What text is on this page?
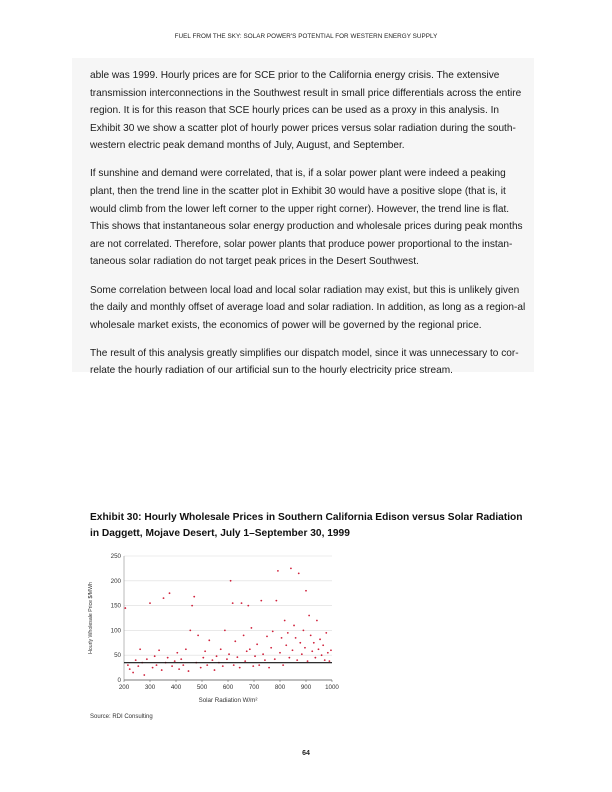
FUEL FROM THE SKY: SOLAR POWER'S POTENTIAL FOR WESTERN ENERGY SUPPLY

able was 1999. Hourly prices are for SCE prior to the California energy crisis. The extensive transmission interconnections in the Southwest result in small price differentials across the entire region. It is for this reason that SCE hourly prices can be used as a proxy in this analysis. In Exhibit 30 we show a scatter plot of hourly power prices versus solar radiation during the south-western electric peak demand months of July, August, and September.

If sunshine and demand were correlated, that is, if a solar power plant were indeed a peaking plant, then the trend line in the scatter plot in Exhibit 30 would have a positive slope (that is, it would climb from the lower left corner to the upper right corner). However, the trend line is flat. This shows that instantaneous solar energy production and wholesale prices during peak months are not correlated. Therefore, solar power plants that produce power proportional to the instan-taneous solar radiation do not target peak prices in the Desert Southwest.

Some correlation between local load and local solar radiation may exist, but this is unlikely given the daily and monthly offset of average load and solar radiation. In addition, as long as a region-al wholesale market exists, the economics of power will be governed by the regional price.

The result of this analysis greatly simplifies our dispatch model, since it was unnecessary to cor-relate the hourly radiation of our artificial sun to the hourly electricity price stream.

Exhibit 30: Hourly Wholesale Prices in Southern California Edison versus Solar Radiation in Daggett, Mojave Desert, July 1–September 30, 1999
0
50
100
150
200
250
200	300	400	500	600	700	800	900 1000
Solar Radiation W/m²
Hourly Wholesale Price $/MWh
Source: RDI Consulting
64
